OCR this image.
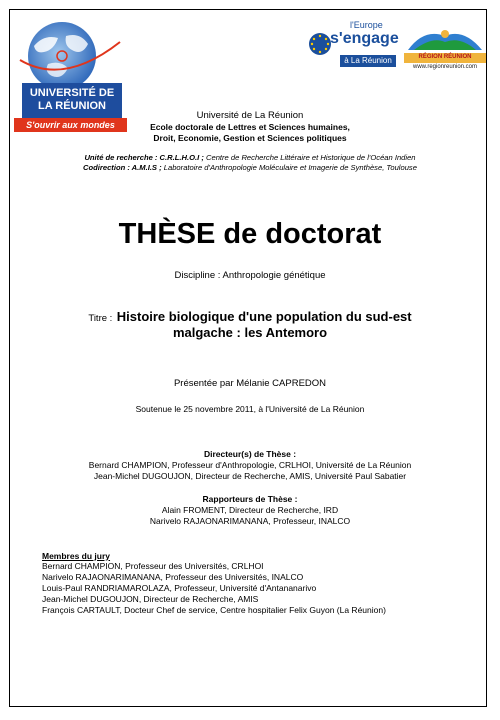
UNIVERSITÉ DE
LA RÉUNION
S'ouvrir aux mondes
l'Europe
s'engage
à La Réunion	RÉGION RÉUNION
www.regionreunion.com
Université de La Réunion
Ecole doctorale de Lettres et Sciences humaines,
Droit, Economie, Gestion et Sciences politiques
Unité de recherche : C.R.L.H.O.I ; Centre de Recherche Littéraire et Historique de l'Océan Indien
Codirection : A.M.I.S ; Laboratoire d'Anthropologie Moléculaire et Imagerie de Synthèse, Toulouse
THÈSE de doctorat
Discipline : Anthropologie génétique
Titre : Histoire biologique d'une population du sud-est
malgache : les Antemoro
Présentée par Mélanie CAPREDON
Soutenue le 25 novembre 2011, à l'Université de La Réunion
Directeur(s) de Thèse :
Bernard CHAMPION, Professeur d'Anthropologie, CRLHOI, Université de La Réunion
Jean-Michel DUGOUJON, Directeur de Recherche, AMIS, Université Paul Sabatier
Rapporteurs de Thèse :
Alain FROMENT, Directeur de Recherche, IRD
Narivelo RAJAONARIMANANA, Professeur, INALCO
Membres du jury
Bernard CHAMPION, Professeur des Universités, CRLHOI
Narivelo RAJAONARIMANANA, Professeur des Universités, INALCO
Louis-Paul RANDRIAMAROLAZA, Professeur, Université d'Antananarivo
Jean-Michel DUGOUJON, Directeur de Recherche, AMIS
François CARTAULT, Docteur Chef de service, Centre hospitalier Felix Guyon (La Réunion)
